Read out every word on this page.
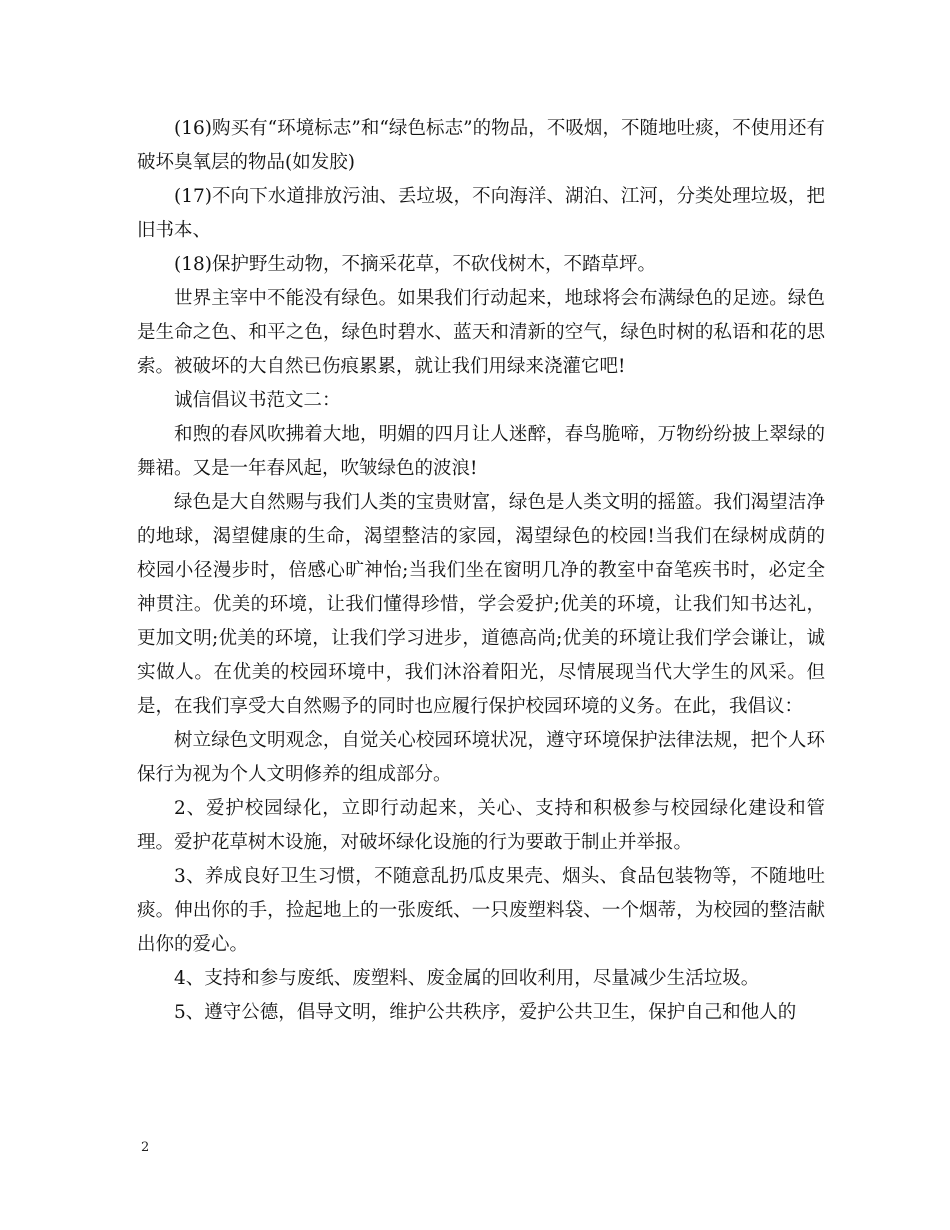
(16)购买有“环境标志”和“绿色标志”的物品，不吸烟，不随地吐痰，不使用还有破坏臭氧层的物品(如发胶)

(17)不向下水道排放污油、丢垃圾，不向海洋、湖泊、江河，分类处理垃圾，把旧书本、

(18)保护野生动物，不摘采花草，不砍伐树木，不踏草坪。

世界主宰中不能没有绿色。如果我们行动起来，地球将会布满绿色的足迹。绿色是生命之色、和平之色，绿色时碧水、蓝天和清新的空气，绿色时树的私语和花的思索。被破坏的大自然已伤痕累累，就让我们用绿来浇灌它吧!

诚信倡议书范文二：

和煦的春风吹拂着大地，明媚的四月让人迷醉，春鸟脆啼，万物纷纷披上翠绿的舞裙。又是一年春风起，吹皱绿色的波浪!

绿色是大自然赐与我们人类的宝贵财富，绿色是人类文明的摇篮。我们渴望洁净的地球，渴望健康的生命，渴望整洁的家园，渴望绿色的校园!当我们在绿树成荫的校园小径漫步时，倍感心旷神怡;当我们坐在窗明几净的教室中奋笔疾书时，必定全神贯注。优美的环境，让我们懂得珍惜，学会爱护;优美的环境，让我们知书达礼，更加文明;优美的环境，让我们学习进步，道德高尚;优美的环境让我们学会谦让，诚实做人。在优美的校园环境中，我们沐浴着阳光，尽情展现当代大学生的风采。但是，在我们享受大自然赐予的同时也应履行保护校园环境的义务。在此，我倡议：

树立绿色文明观念，自觉关心校园环境状况，遵守环境保护法律法规，把个人环保行为视为个人文明修养的组成部分。

2、爱护校园绿化，立即行动起来，关心、支持和积极参与校园绿化建设和管理。爱护花草树木设施，对破坏绿化设施的行为要敢于制止并举报。

3、养成良好卫生习惯，不随意乱扔瓜皮果壳、烟头、食品包装物等，不随地吐痰。伸出你的手，捡起地上的一张废纸、一只废塑料袋、一个烟蒂，为校园的整洁献出你的爱心。

4、支持和参与废纸、废塑料、废金属的回收利用，尽量减少生活垃圾。

5、遵守公德，倡导文明，维护公共秩序，爱护公共卫生，保护自己和他人的

2
